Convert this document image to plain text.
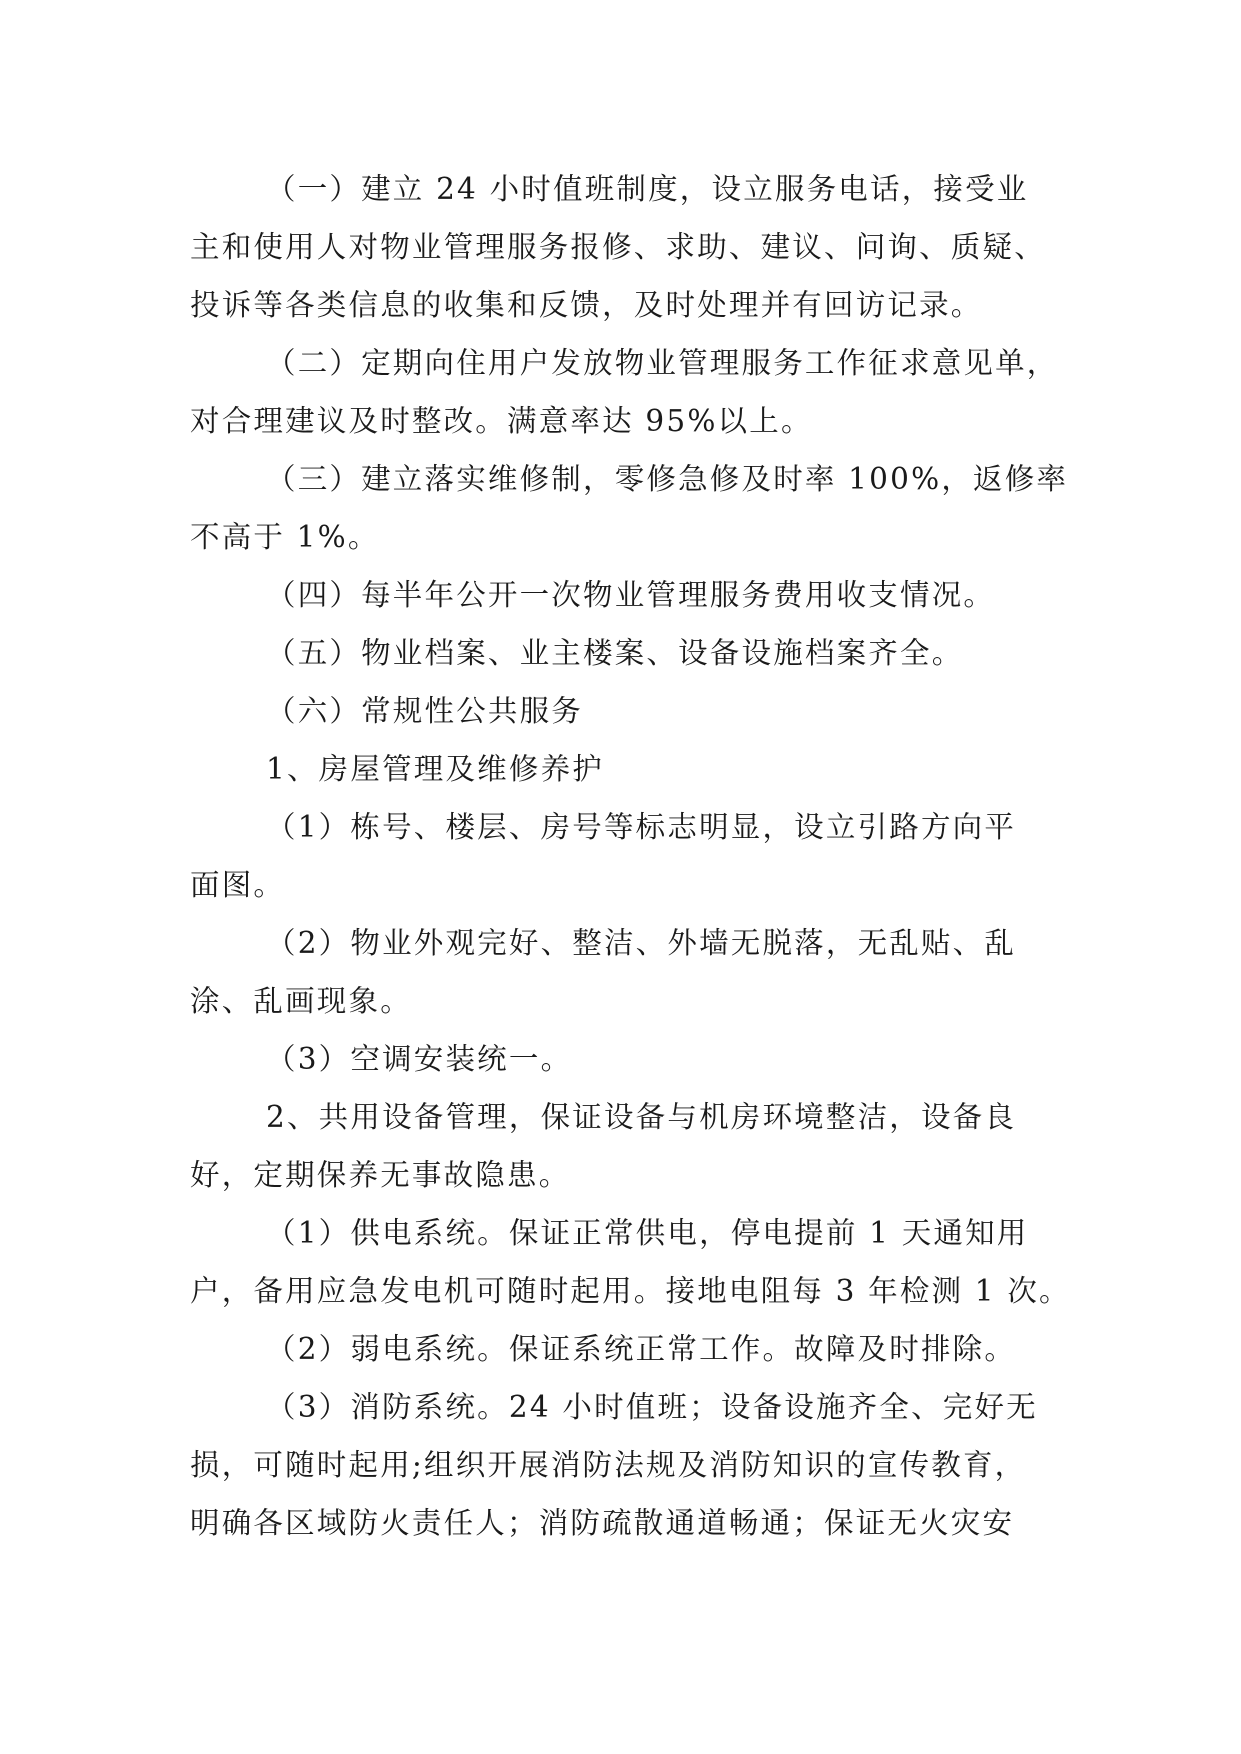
（一）建立 24 小时值班制度，设立服务电话，接受业
主和使用人对物业管理服务报修、求助、建议、问询、质疑、
投诉等各类信息的收集和反馈，及时处理并有回访记录。
（二）定期向住用户发放物业管理服务工作征求意见单，
对合理建议及时整改。满意率达 95%以上。
（三）建立落实维修制，零修急修及时率 100%，返修率
不高于 1%。
（四）每半年公开一次物业管理服务费用收支情况。
（五）物业档案、业主楼案、设备设施档案齐全。
（六）常规性公共服务
1、房屋管理及维修养护
（1）栋号、楼层、房号等标志明显，设立引路方向平
面图。
（2）物业外观完好、整洁、外墙无脱落，无乱贴、乱
涂、乱画现象。
（3）空调安装统一。
2、共用设备管理，保证设备与机房环境整洁，设备良
好，定期保养无事故隐患。
（1）供电系统。保证正常供电，停电提前 1 天通知用
户，备用应急发电机可随时起用。接地电阻每 3 年检测 1 次。
（2）弱电系统。保证系统正常工作。故障及时排除。
（3）消防系统。24 小时值班；设备设施齐全、完好无
损，可随时起用;组织开展消防法规及消防知识的宣传教育，
明确各区域防火责任人；消防疏散通道畅通；保证无火灾安
